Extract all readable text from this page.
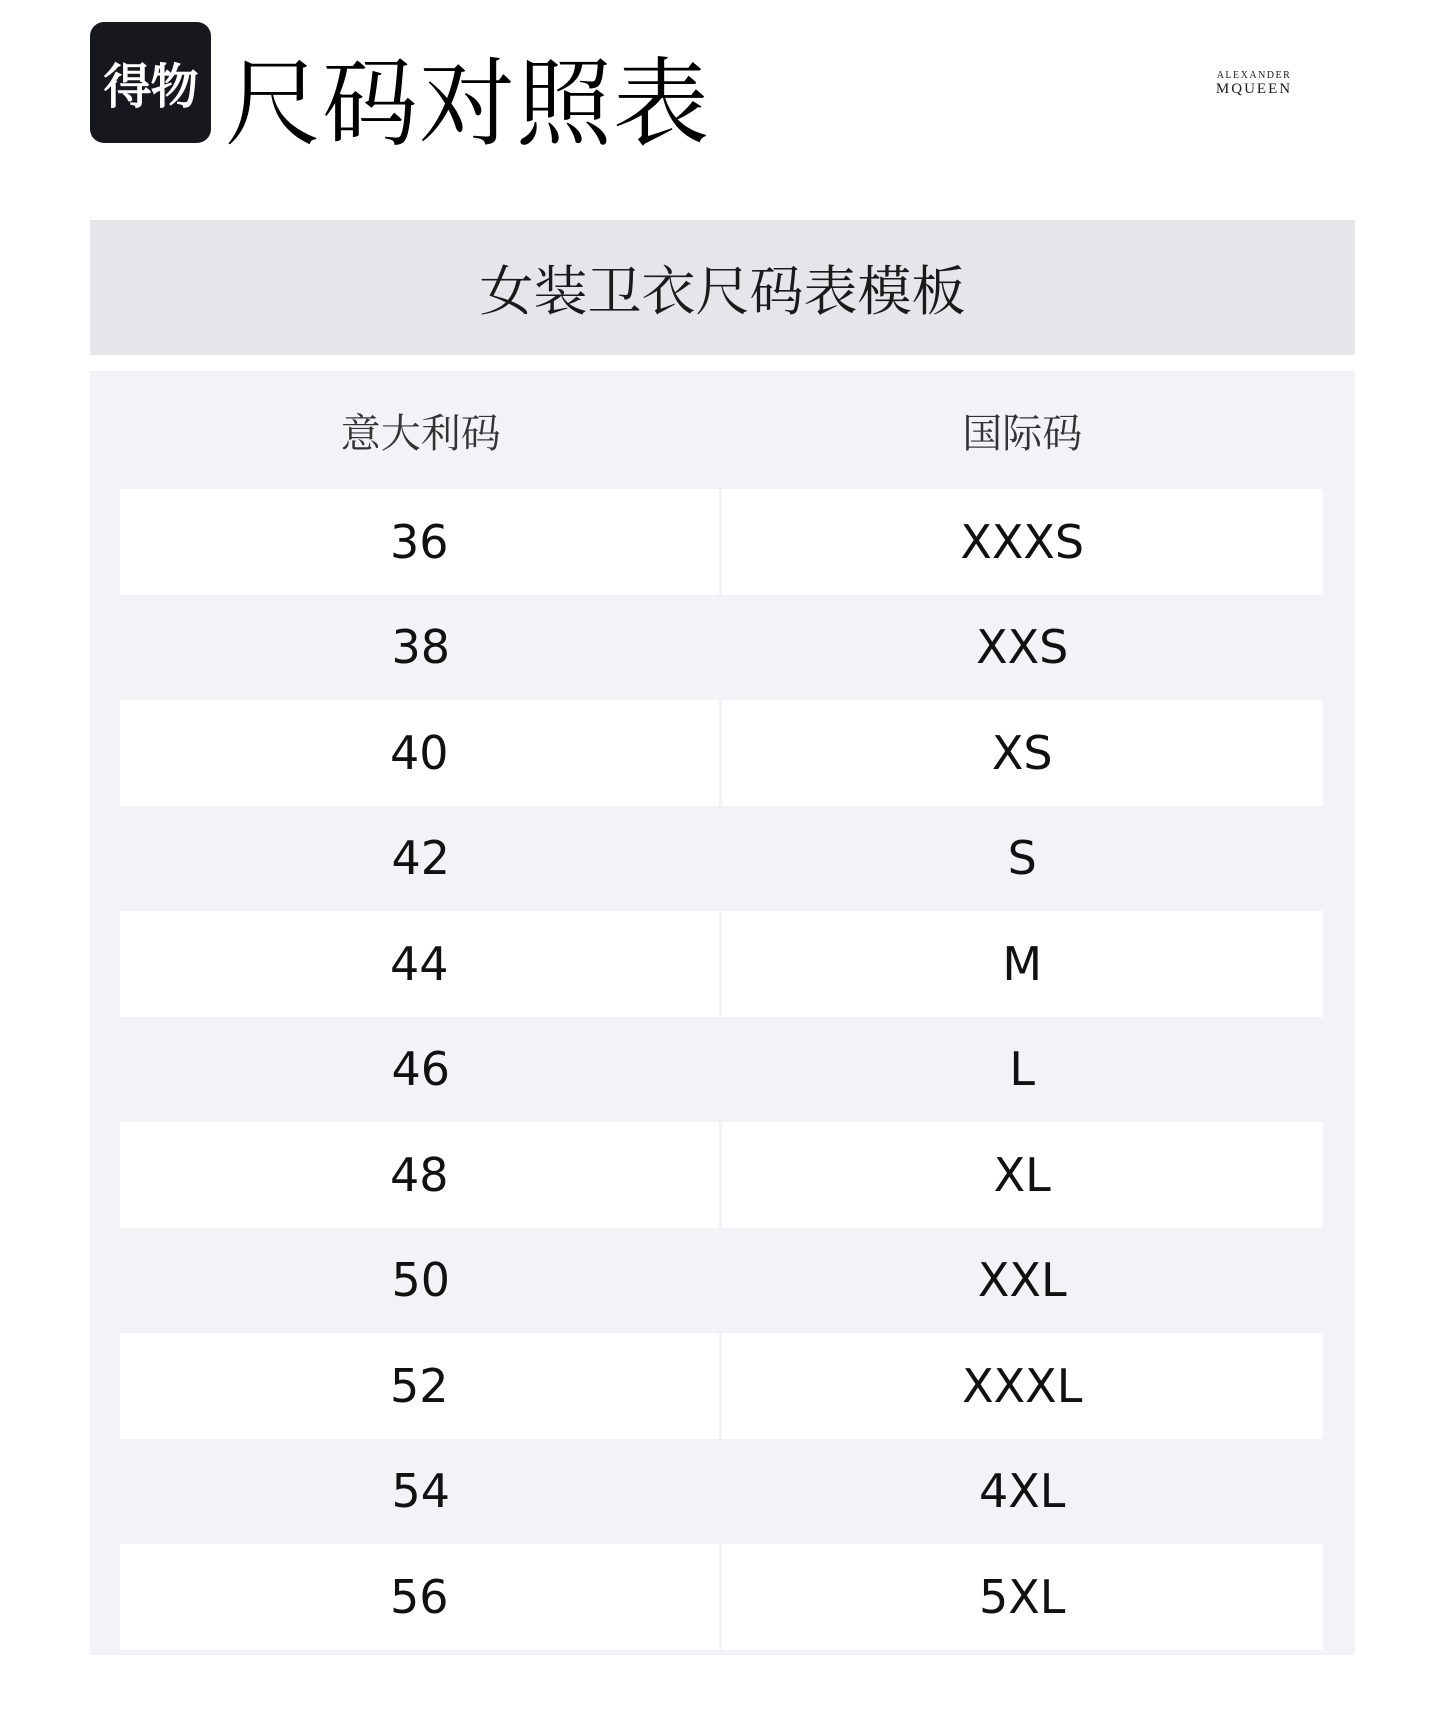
得物 尺码对照表	ALEXANDER
MQUEEN
女装卫衣尺码表模板
意大利码	国际码
36	XXXS
38	XXS
40	XS
42	S
44	M
46	L
48	XL
50	XXL
52	XXXL
54	4XL
56	5XL
